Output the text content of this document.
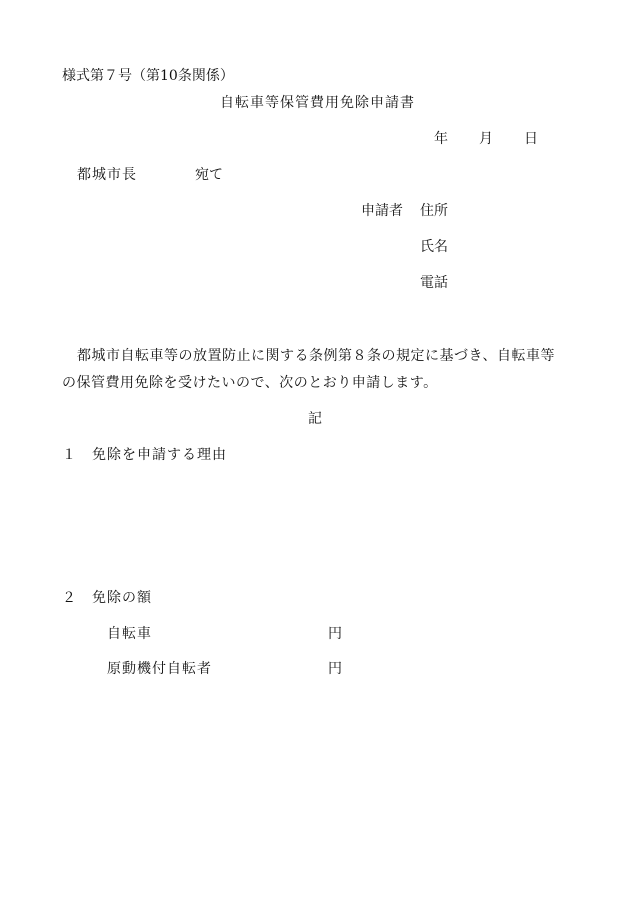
様式第７号（第10条関係）
自転車等保管費用免除申請書
年 月 日
都城市長	宛て
申請者 住所
氏名
電話
都城市自転車等の放置防止に関する条例第８条の規定に基づき、自転車等
の保管費用免除を受けたいので、次のとおり申請します。
記
１ 免除を申請する理由
２ 免除の額
自転車	円
原動機付自転者	円
